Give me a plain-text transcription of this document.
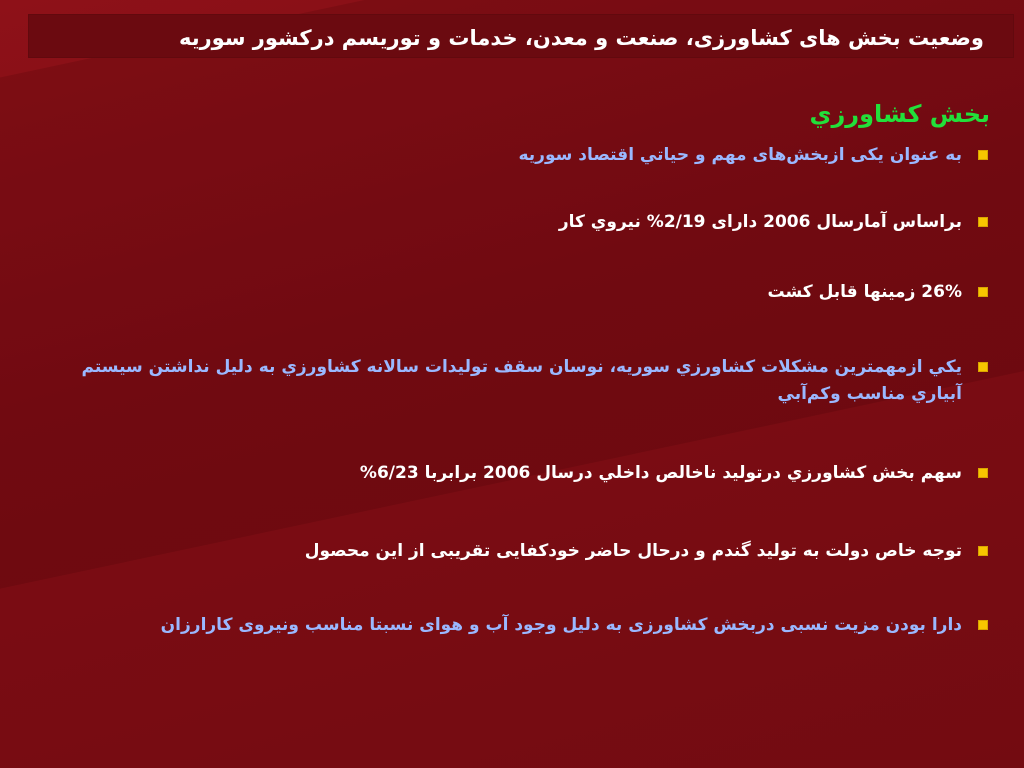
وضعیت بخش های کشاورزی، صنعت و معدن، خدمات و توریسم درکشور سوریه
بخش کشاورزي
به عنوان یکی ازبخش‌های مهم و حیاتي اقتصاد سوریه
براساس آمارسال 2006 دارای 2/19% نیروي کار
26% زمینها قابل کشت
يکي ازمهمترین مشکلات کشاورزي سوریه، نوسان سقف تولیدات سالانه کشاورزي به دليل نداشتن سيستم آبياري مناسب وکم‌آبي
سهم بخش کشاورزي درتولید ناخالص داخلي درسال 2006 برابربا 6/23%
توجه خاص دولت به تولید گندم و درحال حاضر خودکفایی تقریبی از این محصول
دارا بودن مزیت نسبی دربخش کشاورزی به دلیل وجود آب و هوای نسبتا مناسب ونیروی کارارزان
